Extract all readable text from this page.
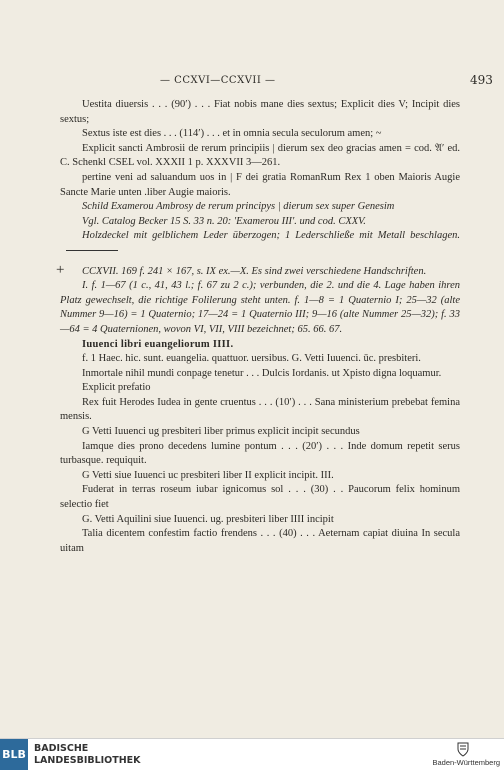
— CCXVI—CCXVII —	493

Uestita diuersis . . . (90′) . . . Fiat nobis mane dies sextus; Explicit dies V; Incipit dies sextus;

Sextus iste est dies . . . (114′) . . . et in omnia secula seculorum amen; ~

Explicit sancti Ambrosii de rerum principiis | dierum sex deo gracias amen = cod. 𝔄′ ed. C. Schenkl CSEL vol. XXXII 1 p. XXXVII 3—261.

pertine veni ad saluandum uos in | F dei gratia RomanRum Rex 1 oben Maioris Augie Sancte Marie unten .liber Augie maioris.

Schild Examerou Ambrosy de rerum principys | dierum sex super Genesim

Vgl. Catalog Becker 15 S. 33 n. 20: 'Examerou III'. und cod. CXXV.

Holzdeckel mit gelblichem Leder überzogen; 1 Lederschließe mit Metall beschlagen.

+ CCXVII. 169 f. 241 × 167, s. IX ex.—X. Es sind zwei verschiedene Handschriften.

I. f. 1—67 (1 c., 41, 43 l.; f. 67 zu 2 c.); verbunden, die 2. und die 4. Lage haben ihren Platz gewechselt, die richtige Folilerung steht unten. f. 1—8 = 1 Quaternio I; 25—32 (alte Nummer 9—16) = 1 Quaternio; 17—24 = 1 Quaternio III; 9—16 (alte Nummer 25—32); f. 33—64 = 4 Quaternionen, wovon VI, VII, VIII bezeichnet; 65. 66. 67.

Iuuenci libri euangeliorum IIII.

f. 1 Haec. hic. sunt. euangelia. quattuor. uersibus. G. Vetti Iuuenci. ūc. presbiteri.

Inmortale nihil mundi conpage tenetur . . . Dulcis Iordanis. ut Xpisto digna loquamur.

Explicit prefatio

Rex fuit Herodes Iudea in gente cruentus . . . (10′) . . . Sana ministerium prebebat femina mensis.

G Vetti Iuuenci ug presbiteri liber primus explicit incipit secundus

Iamque dies prono decedens lumine pontum . . . (20′) . . . Inde domum repetit serus turbasque. requiquit.

G Vetti siue Iuuenci uc presbiteri liber II explicit incipit. III.

Fuderat in terras roseum iubar ignicomus sol . . . (30) . . Paucorum felix hominum selectio fiet

G. Vetti Aquilini siue Iuuenci. ug. presbiteri liber IIII incipit

Talia dicentem confestim factio frendens . . . (40) . . . Aeternam capiat diuina In secula uitam

BLB BADISCHE
LANDESBIBLIOTHEK	Baden-Württemberg
